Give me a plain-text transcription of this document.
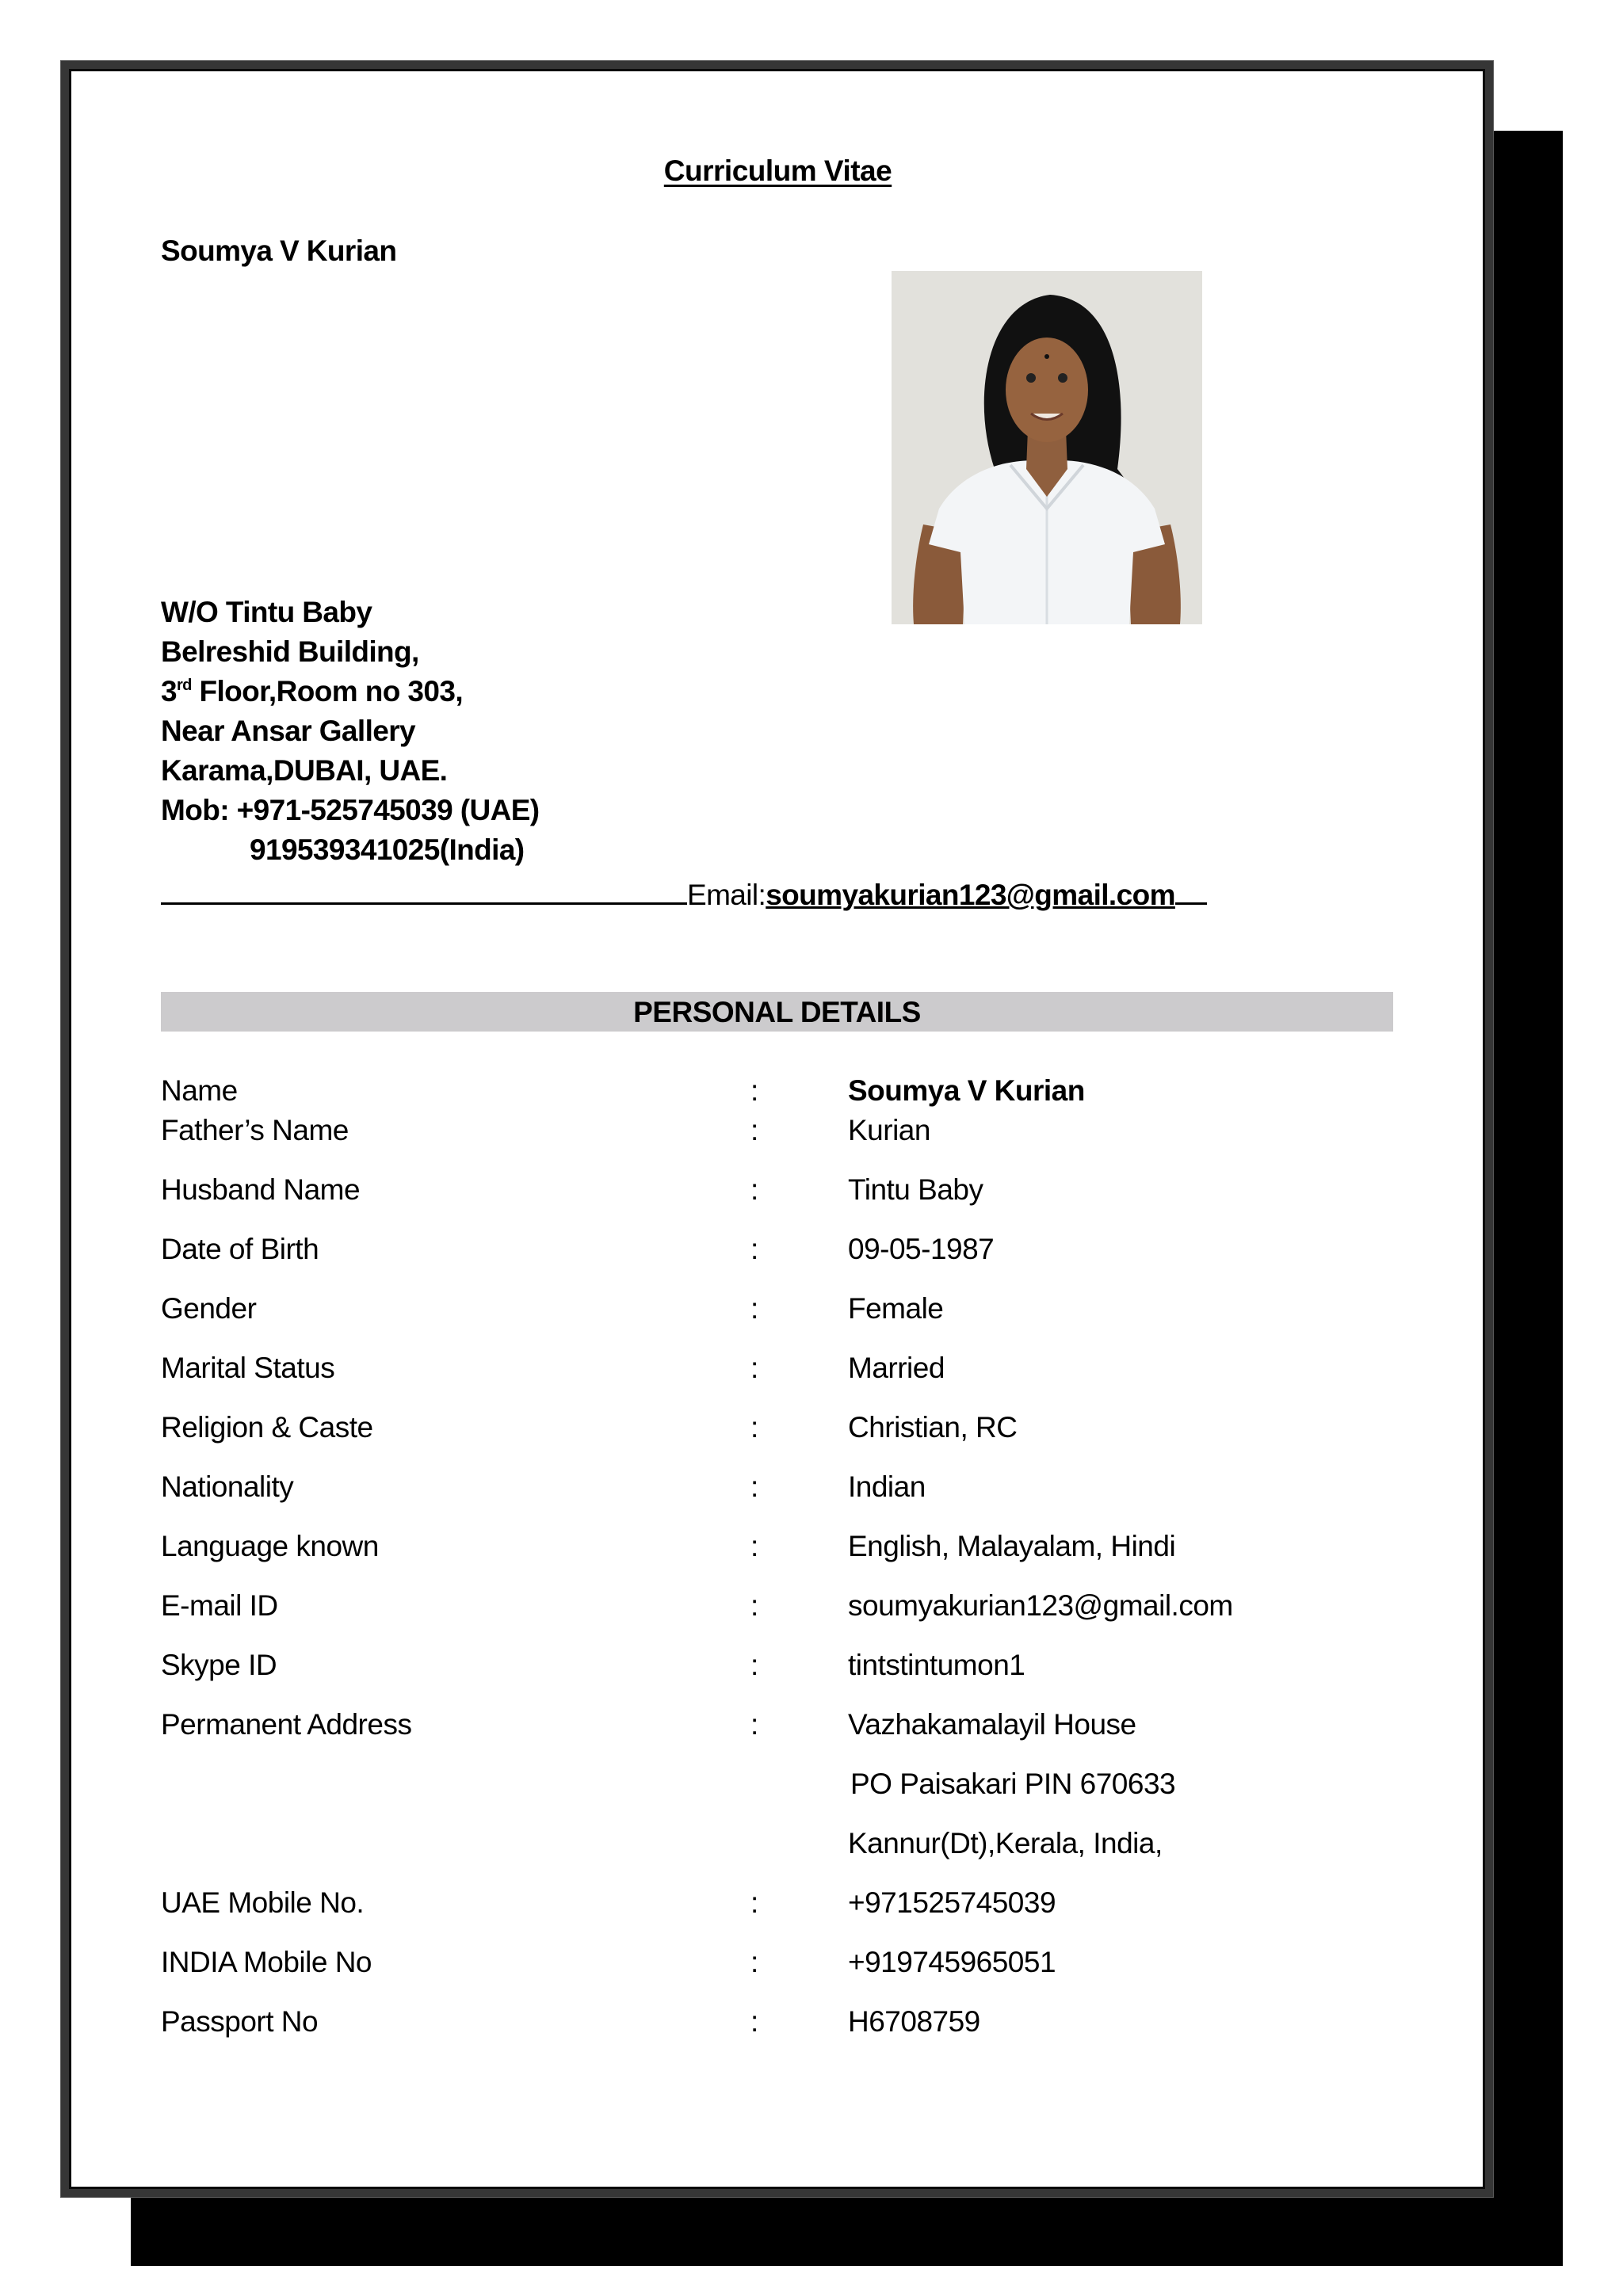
Curriculum Vitae
Soumya V Kurian
W/O Tintu Baby
Belreshid Building,
3rd Floor,Room no 303,
Near Ansar Gallery
Karama,DUBAI, UAE.
Mob: +971-525745039 (UAE)
919539341025(India)
Email:soumyakurian123@gmail.com
PERSONAL DETAILS
Name	:	Soumya V Kurian
Father’s Name	:	Kurian
Husband Name	:	Tintu Baby
Date of Birth	:	09-05-1987
Gender	:	Female
Marital Status	:	Married
Religion & Caste	:	Christian, RC
Nationality	:	Indian
Language known	:	English, Malayalam, Hindi
E-mail ID	:	soumyakurian123@gmail.com
Skype ID	:	tintstintumon1
Permanent Address	:	Vazhakamalayil House
PO Paisakari PIN 670633
Kannur(Dt),Kerala, India,
UAE Mobile No.	:	+971525745039
INDIA Mobile No	:	+919745965051
Passport No	:	H6708759
